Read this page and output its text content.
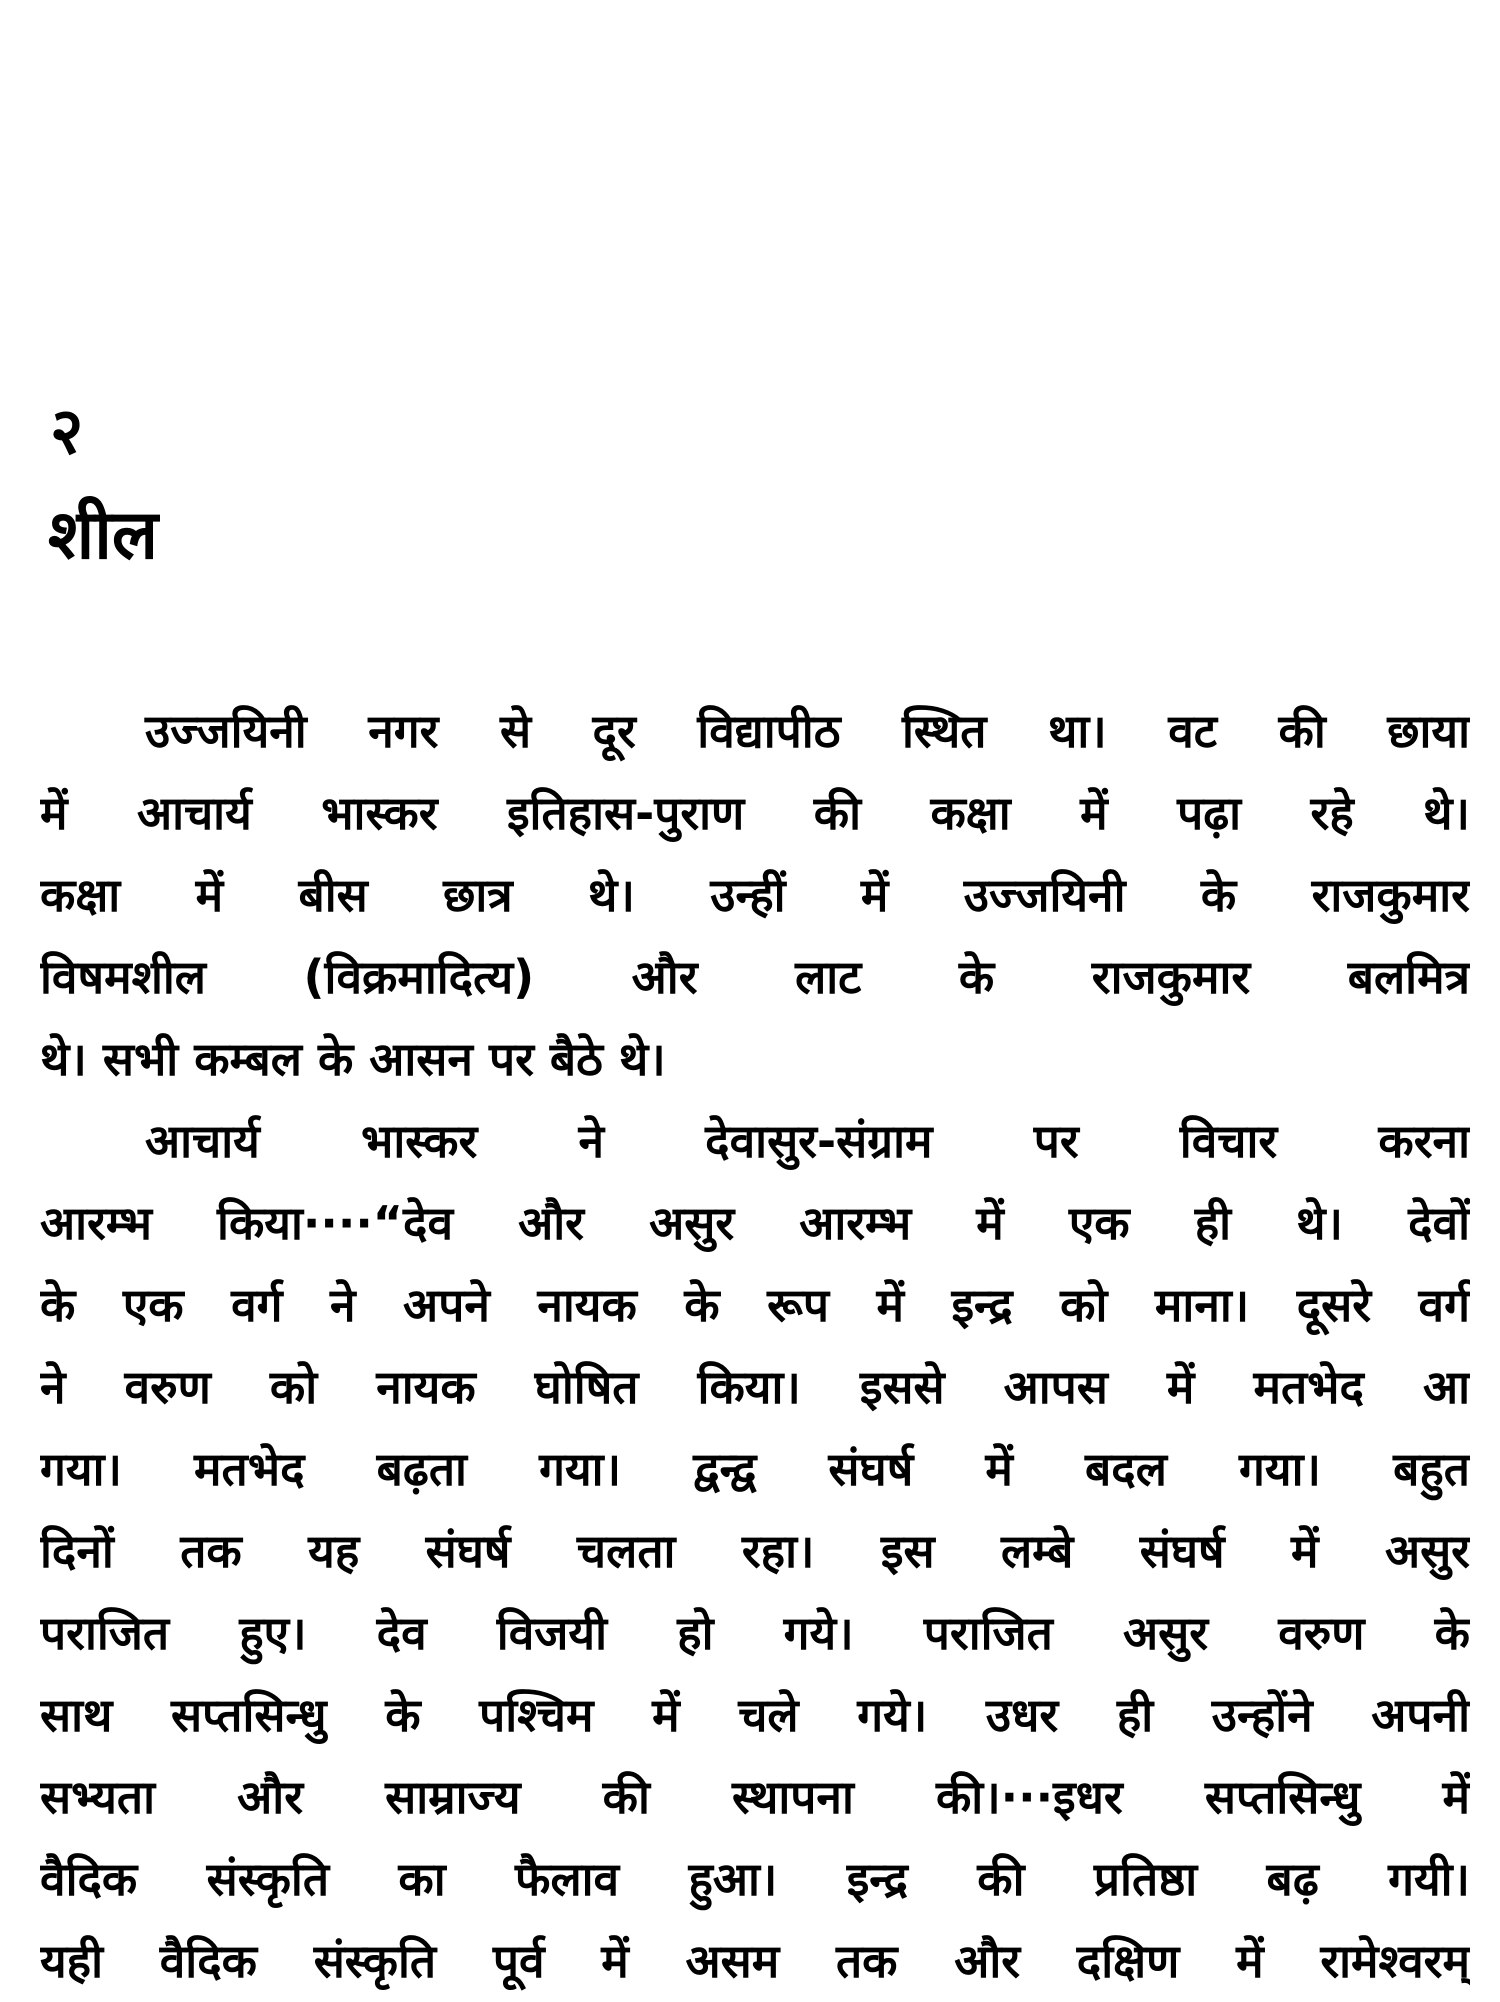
२
शील
उज्जयिनी नगर से दूर विद्यापीठ स्थित था। वट की छाया
में आचार्य भास्कर इतिहास-पुराण की कक्षा में पढ़ा रहे थे।
कक्षा में बीस छात्र थे। उन्हीं में उज्जयिनी के राजकुमार
विषमशील (विक्रमादित्य) और लाट के राजकुमार बलमित्र
थे। सभी कम्बल के आसन पर बैठे थे।
आचार्य भास्कर ने देवासुर-संग्राम पर विचार करना
आरम्भ किया····“देव और असुर आरम्भ में एक ही थे। देवों
के एक वर्ग ने अपने नायक के रूप में इन्द्र को माना। दूसरे वर्ग
ने वरुण को नायक घोषित किया। इससे आपस में मतभेद आ
गया। मतभेद बढ़ता गया। द्वन्द्व संघर्ष में बदल गया। बहुत
दिनों तक यह संघर्ष चलता रहा। इस लम्बे संघर्ष में असुर
पराजित हुए। देव विजयी हो गये। पराजित असुर वरुण के
साथ सप्तसिन्धु के पश्चिम में चले गये। उधर ही उन्होंने अपनी
सभ्यता और साम्राज्य की स्थापना की।···इधर सप्तसिन्धु में
वैदिक संस्कृति का फैलाव हुआ। इन्द्र की प्रतिष्ठा बढ़ गयी।
यही वैदिक संस्कृति पूर्व में असम तक और दक्षिण में रामेश्वरम्
